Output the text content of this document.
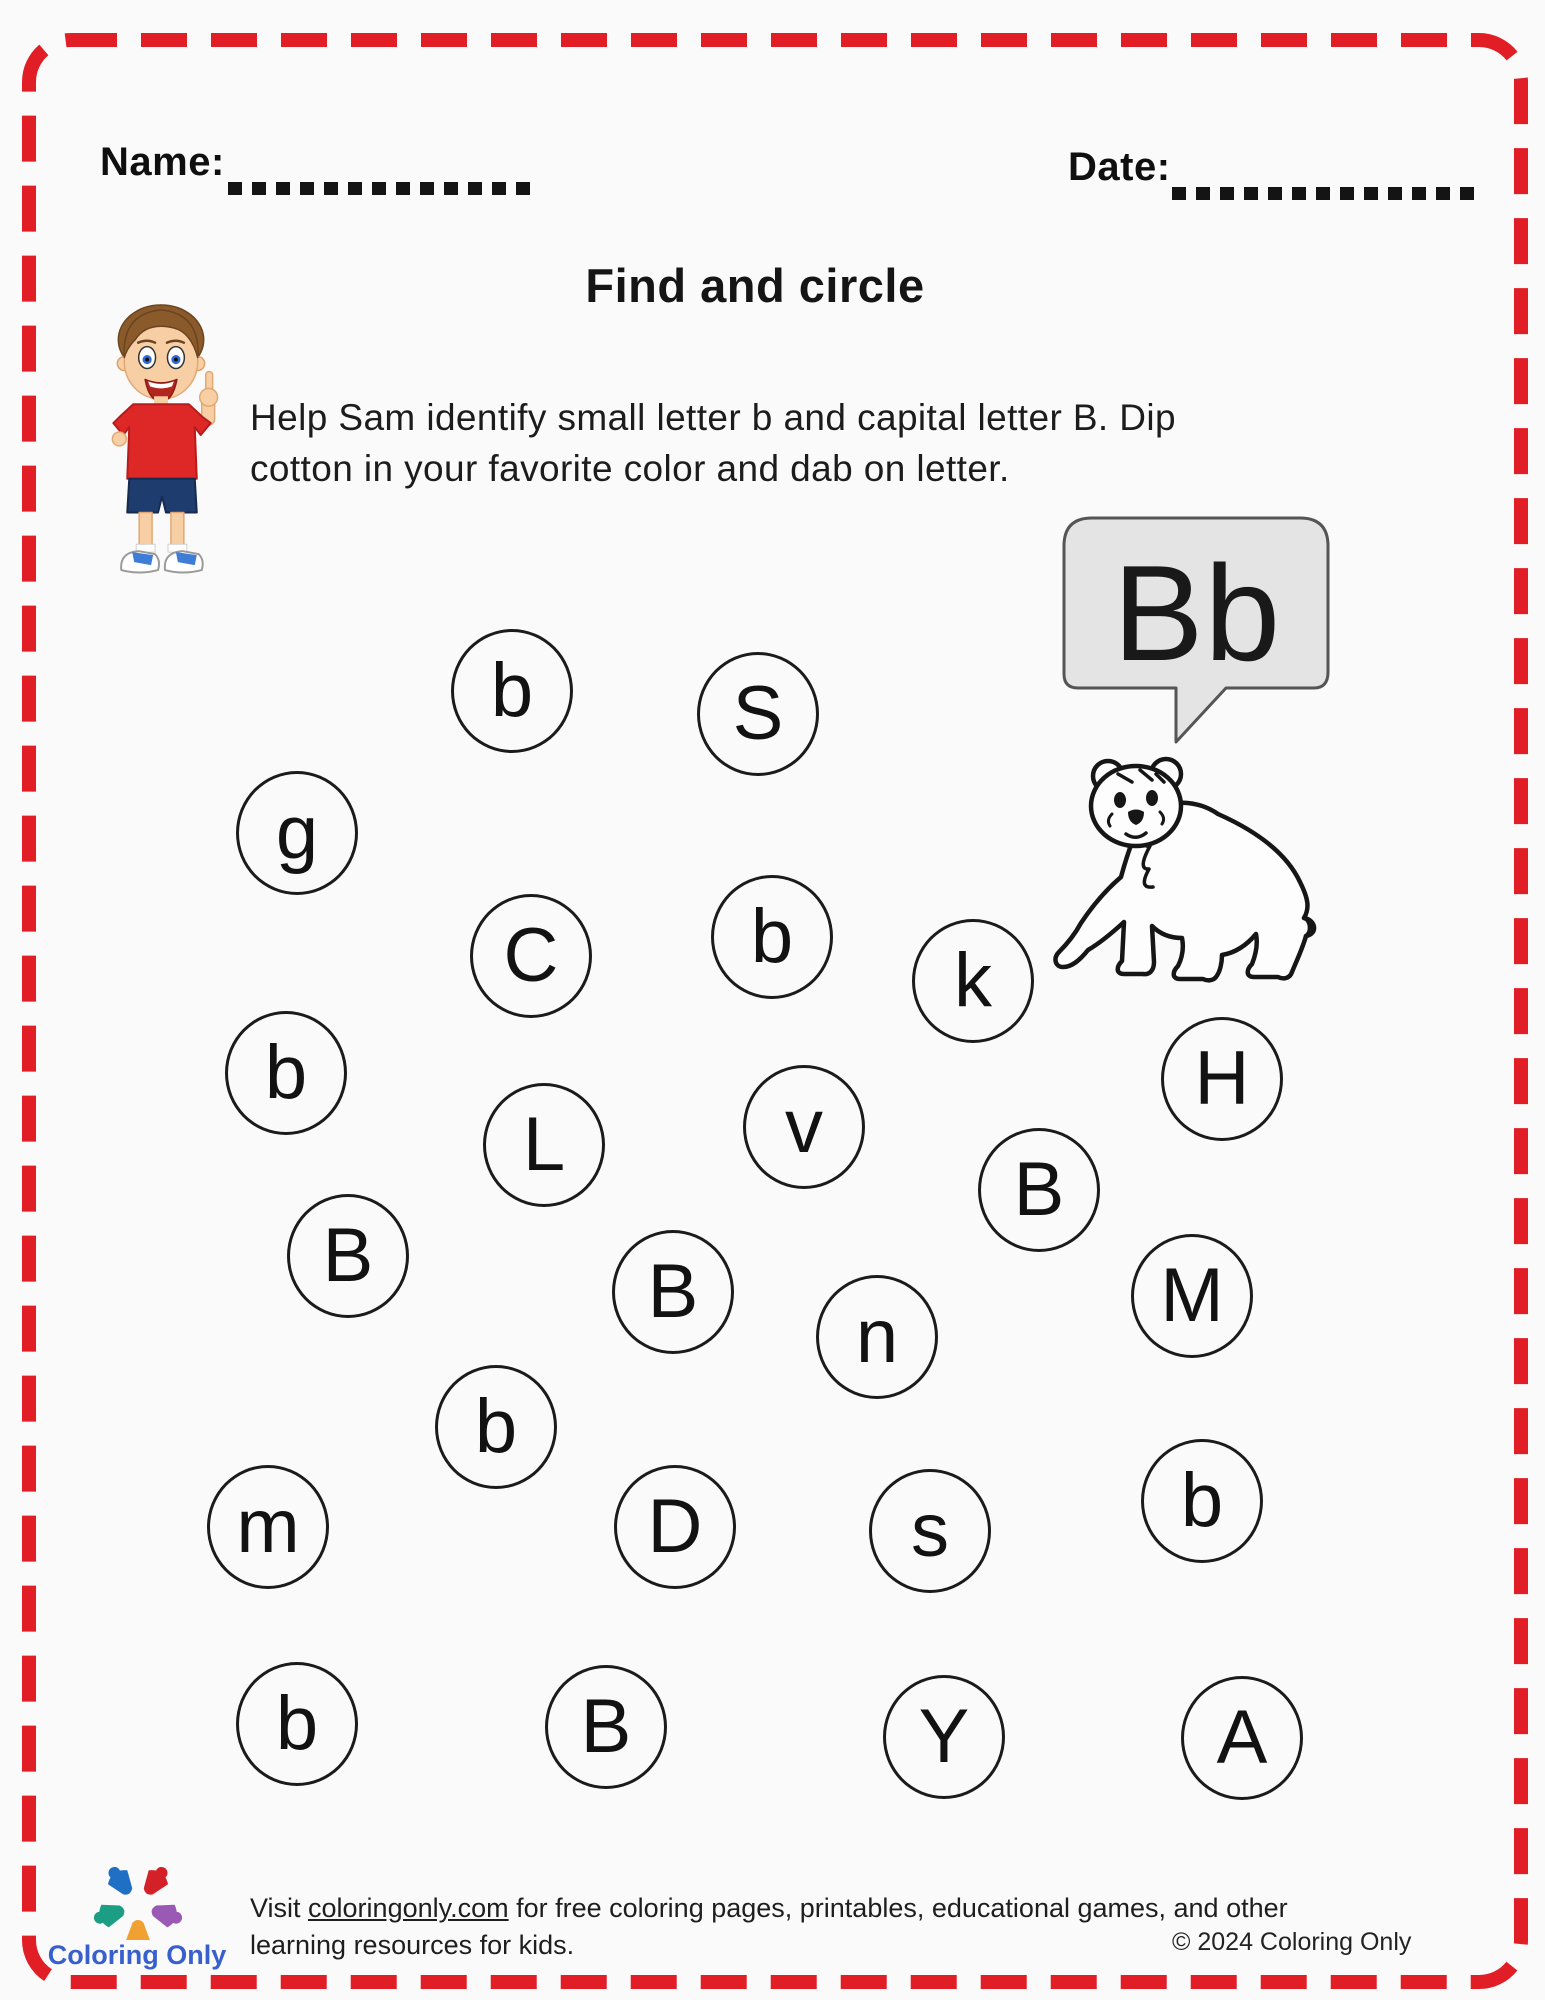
Name:	Date:
Find and circle
Help Sam identify small letter b and capital letter B. Dip
cotton in your favorite color and dab on letter.
Bb
b	S
g
C	b
k
b	H
L	v
B
B	B	M
n
b
m	D	s	b
b	B	Y	A
Coloring Only
Visit coloringonly.com for free coloring pages, printables, educational games, and other learning resources for kids.	© 2024 Coloring Only
